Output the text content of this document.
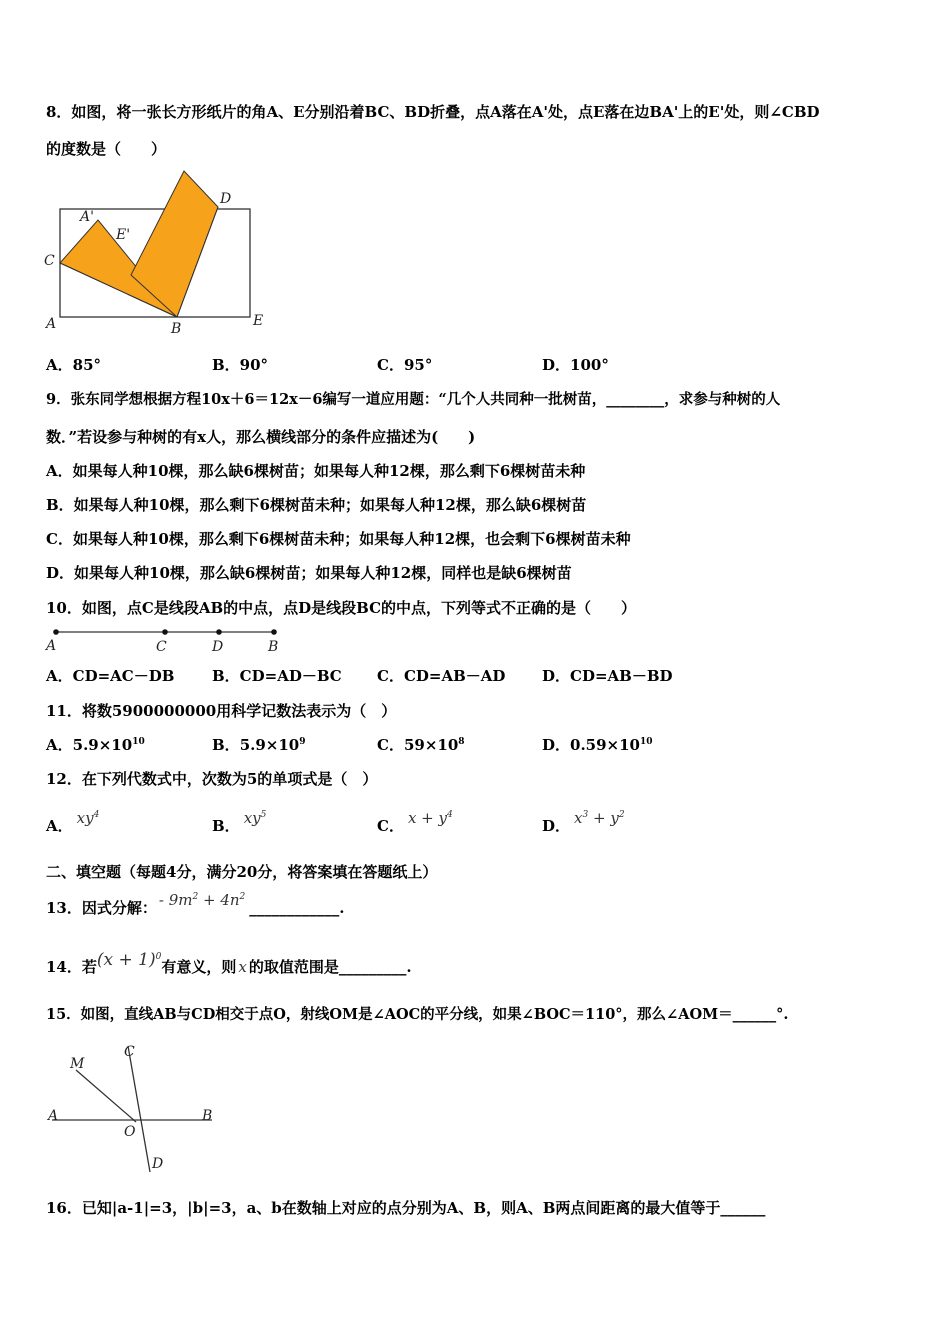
8．如图，将一张长方形纸片的角A、E分别沿着BC、BD折叠，点A落在A'处，点E落在边BA'上的E'处，则∠CBD
的度数是（　　）
C
A'
E'
D
A	B	E
A．85°	B．90°	C．95°	D．100°
9．张东同学想根据方程10x＋6＝12x－6编写一道应用题：“几个人共同种一批树苗，________，求参与种树的人
数．”若设参与种树的有x人，那么横线部分的条件应描述为(　　)
A．如果每人种10棵，那么缺6棵树苗；如果每人种12棵，那么剩下6棵树苗未种
B．如果每人种10棵，那么剩下6棵树苗未种；如果每人种12棵，那么缺6棵树苗
C．如果每人种10棵，那么剩下6棵树苗未种；如果每人种12棵，也会剩下6棵树苗未种
D．如果每人种10棵，那么缺6棵树苗；如果每人种12棵，同样也是缺6棵树苗
10．如图，点C是线段AB的中点，点D是线段BC的中点，下列等式不正确的是（　　）
A	C	D	B
A．CD=AC－DB	B．CD=AD－BC C．CD=AB－AD D．CD=AB－BD
11．将数5900000000用科学记数法表示为（　）
A．$5.9\times 10^{10}$	B．$5.9\times 10^9$	C．$59\times 10^8$	D．$0.59\times 10^{10}$
12．在下列代数式中，次数为5的单项式是（　）
A． $xy^4$
B． $xy^5$
C． $x + y^4$
D． $x^3 + y^2$
二、填空题（每题4分，满分20分，将答案填在答题纸上）
13．因式分解： - $9m^2$ + $4n^2\_\_\_\_\_\_\_\_\_\_\_\_$.
14．若$(x + 1)^0$有意义，则 x 的取值范围是_________.
15．如图，直线AB与CD相交于点O，射线OM是∠AOC的平分线，如果∠BOC＝110°，那么∠AOM＝______°.
M
C
A	B
O
D
16．已知|a-1|=3，|b|=3，a、b在数轴上对应的点分别为A、B，则A、B两点间距离的最大值等于______
